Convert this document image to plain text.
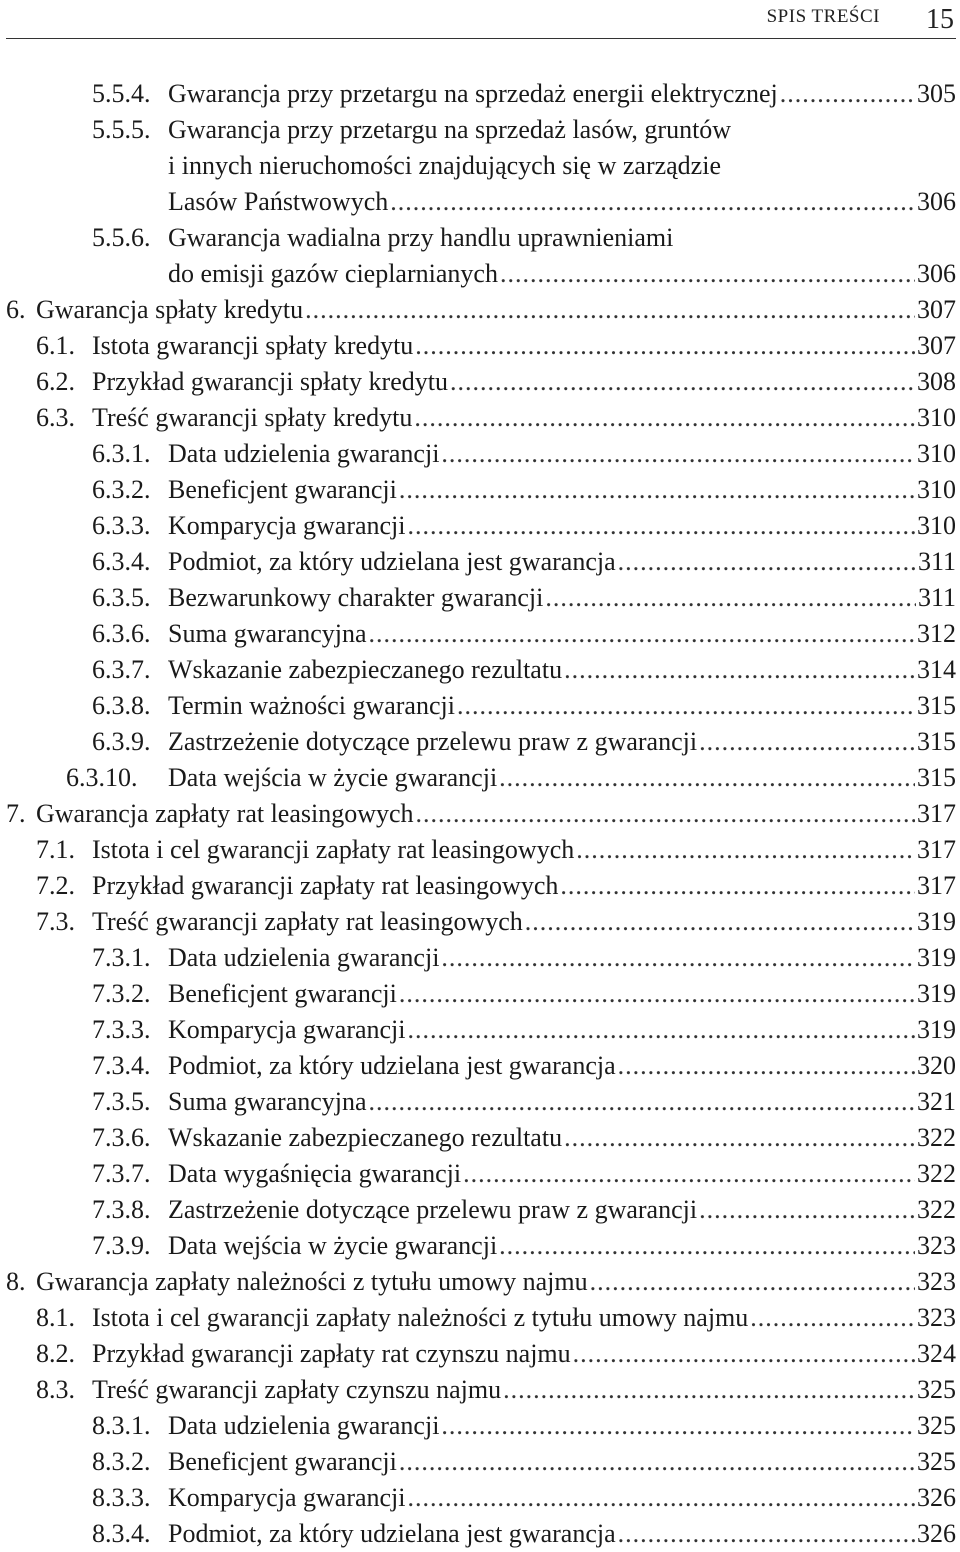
SPIS TREŚCI 15
5.5.4. Gwarancja przy przetargu na sprzedaż energii elektrycznej .....	305
5.5.5. Gwarancja przy przetargu na sprzedaż lasów, gruntów
i innych nieruchomości znajdujących się w zarządzie
Lasów Państwowych .....	306
5.5.6. Gwarancja wadialna przy handlu uprawnieniami
do emisji gazów cieplarnianych .....	306
6. Gwarancja spłaty kredytu .....	307
6.1. Istota gwarancji spłaty kredytu .....	307
6.2. Przykład gwarancji spłaty kredytu .....	308
6.3. Treść gwarancji spłaty kredytu .....	310
6.3.1. Data udzielenia gwarancji .....	310
6.3.2. Beneficjent gwarancji .....	310
6.3.3. Komparycja gwarancji .....	310
6.3.4. Podmiot, za który udzielana jest gwarancja .....	311
6.3.5. Bezwarunkowy charakter gwarancji .....	311
6.3.6. Suma gwarancyjna .....	312
6.3.7. Wskazanie zabezpieczanego rezultatu .....	314
6.3.8. Termin ważności gwarancji .....	315
6.3.9. Zastrzeżenie dotyczące przelewu praw z gwarancji .....	315
6.3.10. Data wejścia w życie gwarancji .....	315
7. Gwarancja zapłaty rat leasingowych .....	317
7.1. Istota i cel gwarancji zapłaty rat leasingowych .....	317
7.2. Przykład gwarancji zapłaty rat leasingowych .....	317
7.3. Treść gwarancji zapłaty rat leasingowych .....	319
7.3.1. Data udzielenia gwarancji .....	319
7.3.2. Beneficjent gwarancji .....	319
7.3.3. Komparycja gwarancji .....	319
7.3.4. Podmiot, za który udzielana jest gwarancja .....	320
7.3.5. Suma gwarancyjna .....	321
7.3.6. Wskazanie zabezpieczanego rezultatu .....	322
7.3.7. Data wygaśnięcia gwarancji .....	322
7.3.8. Zastrzeżenie dotyczące przelewu praw z gwarancji .....	322
7.3.9. Data wejścia w życie gwarancji .....	323
8. Gwarancja zapłaty należności z tytułu umowy najmu .....	323
8.1. Istota i cel gwarancji zapłaty należności z tytułu umowy najmu .....	323
8.2. Przykład gwarancji zapłaty rat czynszu najmu .....	324
8.3. Treść gwarancji zapłaty czynszu najmu .....	325
8.3.1. Data udzielenia gwarancji .....	325
8.3.2. Beneficjent gwarancji .....	325
8.3.3. Komparycja gwarancji .....	326
8.3.4. Podmiot, za który udzielana jest gwarancja .....	326
